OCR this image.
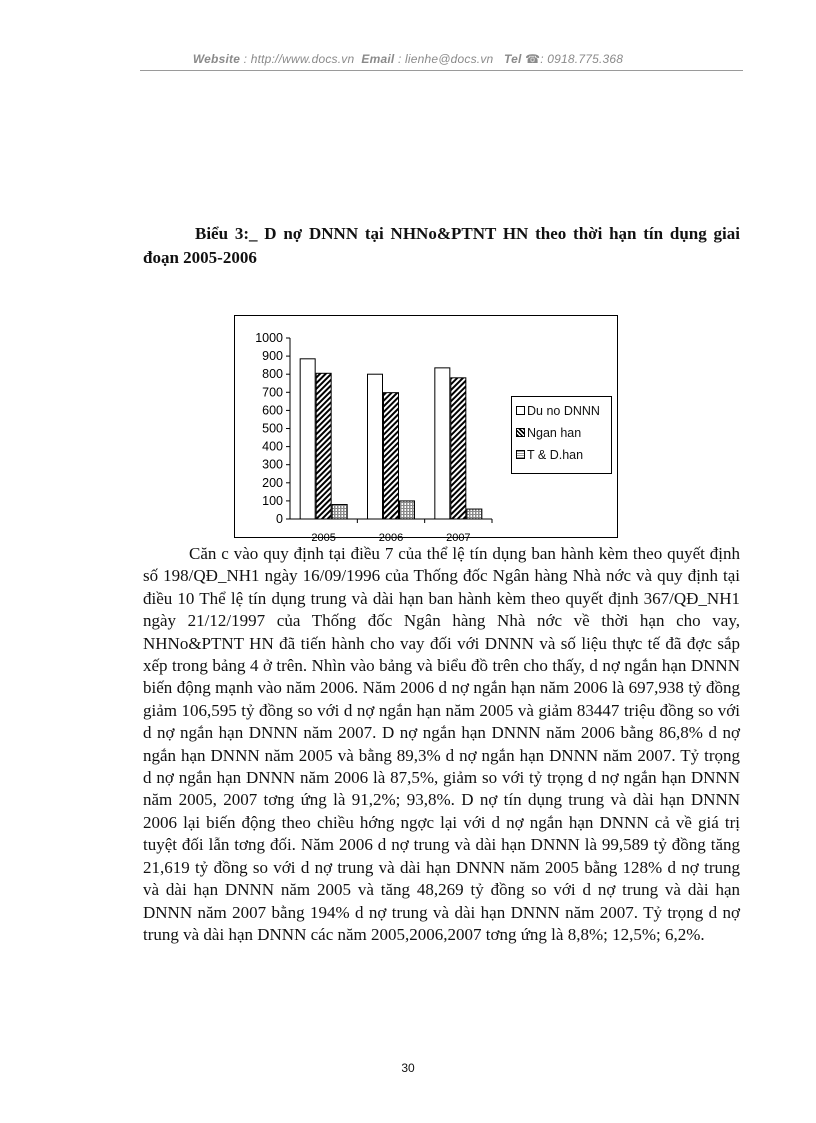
Website : http://www.docs.vn Email : lienhe@docs.vn Tel ☎: 0918.775.368
Biểu 3:_ D nợ DNNN tại NHNo&PTNT HN theo thời hạn tín dụng giai đoạn 2005-2006
0
100
200
300
400
500
600
700
800
900
1000
2005	2006	2007
Du no DNNN
Ngan han
T & D.han

Căn c vào quy định tại điều 7 của thể lệ tín dụng ban hành kèm theo quyết định số 198/QĐ_NH1 ngày 16/09/1996 của Thống đốc Ngân hàng Nhà nớc và quy định tại điều 10 Thể lệ tín dụng trung và dài hạn ban hành kèm theo quyết định 367/QĐ_NH1 ngày 21/12/1997 của Thống đốc Ngân hàng Nhà nớc về thời hạn cho vay, NHNo&PTNT HN đã tiến hành cho vay đối với DNNN và số liệu thực tế đã đợc sắp xếp trong bảng 4 ở trên. Nhìn vào bảng và biểu đồ trên cho thấy, d nợ ngắn hạn DNNN biến động mạnh vào năm 2006. Năm 2006 d nợ ngắn hạn năm 2006 là 697,938 tỷ đồng giảm 106,595 tỷ đồng so với d nợ ngắn hạn năm 2005 và giảm 83447 triệu đồng so với d nợ ngắn hạn DNNN năm 2007. D nợ ngắn hạn DNNN năm 2006 bằng 86,8% d nợ ngắn hạn DNNN năm 2005 và bằng 89,3% d nợ ngắn hạn DNNN năm 2007. Tỷ trọng d nợ ngắn hạn DNNN năm 2006 là 87,5%, giảm so với tỷ trọng d nợ ngắn hạn DNNN năm 2005, 2007 tơng ứng là 91,2%; 93,8%. D nợ tín dụng trung và dài hạn DNNN 2006 lại biến động theo chiều hớng ngợc lại với d nợ ngắn hạn DNNN cả về giá trị tuyệt đối lẫn tơng đối. Năm 2006 d nợ trung và dài hạn DNNN là 99,589 tỷ đồng tăng 21,619 tỷ đồng so với d nợ trung và dài hạn DNNN năm 2005 bằng 128% d nợ trung và dài hạn DNNN năm 2005 và tăng 48,269 tỷ đồng so với d nợ trung và dài hạn DNNN năm 2007 bằng 194% d nợ trung và dài hạn DNNN năm 2007. Tỷ trọng d nợ trung và dài hạn DNNN các năm 2005,2006,2007 tơng ứng là 8,8%; 12,5%; 6,2%.

30
